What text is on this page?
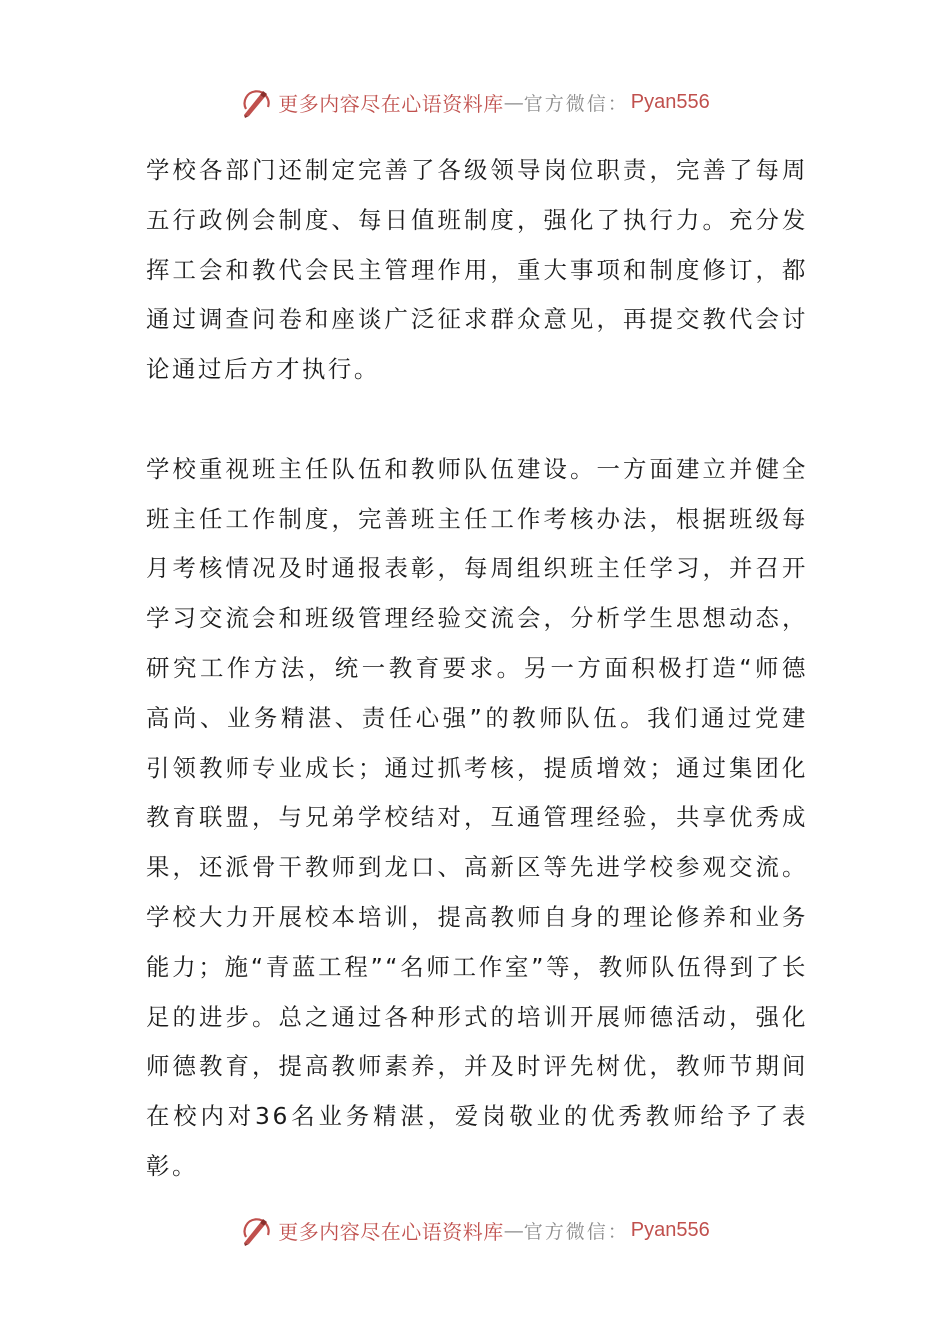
更多内容尽在心语资料库 — 官方微信： Pyan556

学校各部门还制定完善了各级领导岗位职责，完善了每周五行政例会制度、每日值班制度，强化了执行力。充分发挥工会和教代会民主管理作用，重大事项和制度修订，都通过调查问卷和座谈广泛征求群众意见，再提交教代会讨论通过后方才执行。

学校重视班主任队伍和教师队伍建设。一方面建立并健全班主任工作制度，完善班主任工作考核办法，根据班级每月考核情况及时通报表彰，每周组织班主任学习，并召开学习交流会和班级管理经验交流会，分析学生思想动态，研究工作方法，统一教育要求。另一方面积极打造“师德高尚、业务精湛、责任心强”的教师队伍。我们通过党建引领教师专业成长；通过抓考核，提质增效；通过集团化教育联盟，与兄弟学校结对，互通管理经验，共享优秀成果，还派骨干教师到龙口、高新区等先进学校参观交流。学校大力开展校本培训，提高教师自身的理论修养和业务能力；施“青蓝工程”“名师工作室”等，教师队伍得到了长足的进步。总之通过各种形式的培训开展师德活动，强化师德教育，提高教师素养，并及时评先树优，教师节期间在校内对36名业务精湛，爱岗敬业的优秀教师给予了表彰。

更多内容尽在心语资料库 — 官方微信： Pyan556
